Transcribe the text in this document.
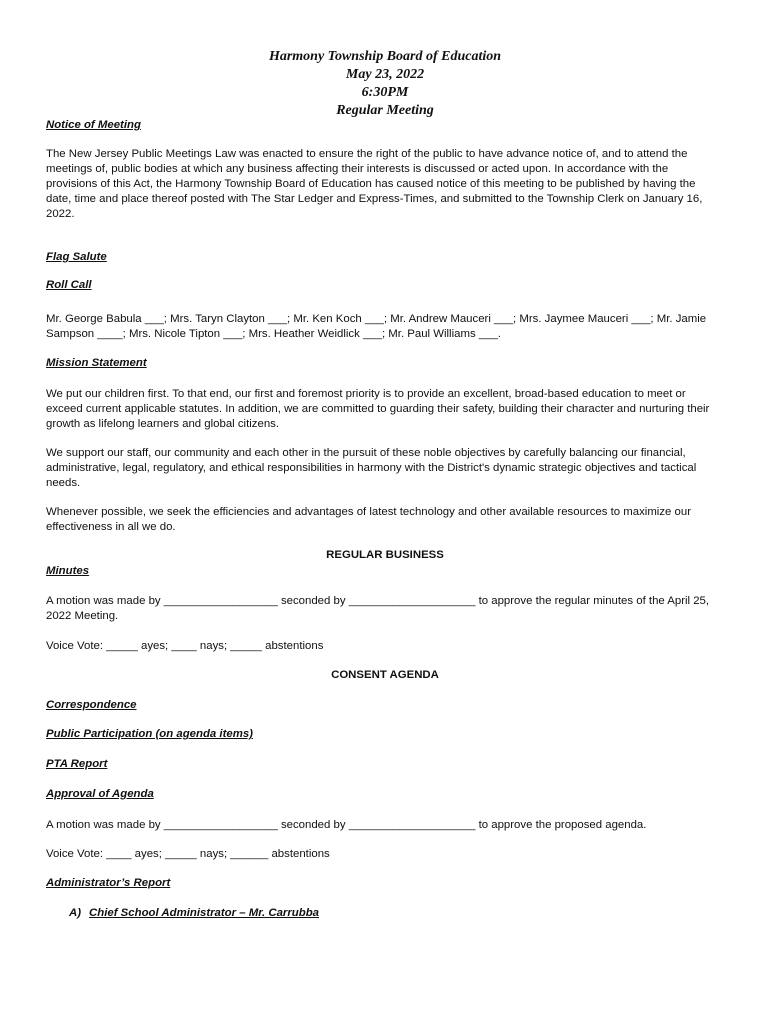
Harmony Township Board of Education
May 23, 2022
6:30PM
Regular Meeting
Notice of Meeting
The New Jersey Public Meetings Law was enacted to ensure the right of the public to have advance notice of, and to attend the meetings of, public bodies at which any business affecting their interests is discussed or acted upon. In accordance with the provisions of this Act, the Harmony Township Board of Education has caused notice of this meeting to be published by having the date, time and place thereof posted with The Star Ledger and Express-Times, and submitted to the Township Clerk on January 16, 2022.
Flag Salute
Roll Call
Mr. George Babula ___; Mrs. Taryn Clayton ___; Mr. Ken Koch ___; Mr. Andrew Mauceri ___; Mrs. Jaymee Mauceri ___; Mr. Jamie Sampson ____; Mrs. Nicole Tipton ___; Mrs. Heather Weidlick ___; Mr. Paul Williams ___.
Mission Statement
We put our children first. To that end, our first and foremost priority is to provide an excellent, broad-based education to meet or exceed current applicable statutes. In addition, we are committed to guarding their safety, building their character and nurturing their growth as lifelong learners and global citizens.
We support our staff, our community and each other in the pursuit of these noble objectives by carefully balancing our financial, administrative, legal, regulatory, and ethical responsibilities in harmony with the District's dynamic strategic objectives and tactical needs.
Whenever possible, we seek the efficiencies and advantages of latest technology and other available resources to maximize our effectiveness in all we do.
REGULAR BUSINESS
Minutes
A motion was made by __________________ seconded by ____________________ to approve the regular minutes of the April 25, 2022 Meeting.
Voice Vote: _____ ayes; ____ nays; _____ abstentions
CONSENT AGENDA
Correspondence
Public Participation (on agenda items)
PTA Report
Approval of Agenda
A motion was made by __________________ seconded by ____________________ to approve the proposed agenda.
Voice Vote: ____ ayes; _____ nays; ______ abstentions
Administrator’s Report
A) Chief School Administrator – Mr. Carrubba
